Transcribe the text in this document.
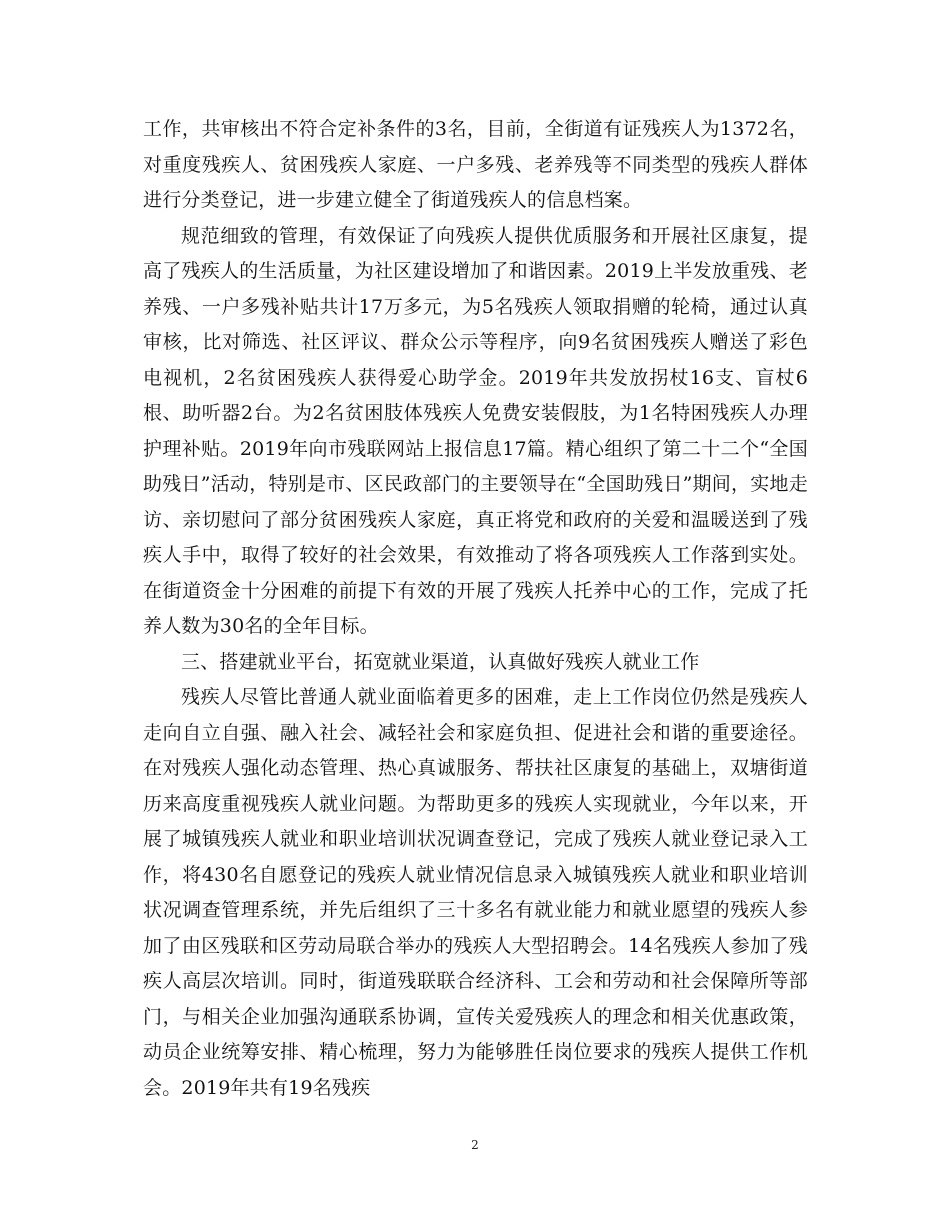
工作，共审核出不符合定补条件的3名，目前，全街道有证残疾人为1372名，对重度残疾人、贫困残疾人家庭、一户多残、老养残等不同类型的残疾人群体进行分类登记，进一步建立健全了街道残疾人的信息档案。

规范细致的管理，有效保证了向残疾人提供优质服务和开展社区康复，提高了残疾人的生活质量，为社区建设增加了和谐因素。2019上半发放重残、老养残、一户多残补贴共计17万多元，为5名残疾人领取捐赠的轮椅，通过认真审核，比对筛选、社区评议、群众公示等程序，向9名贫困残疾人赠送了彩色电视机，2名贫困残疾人获得爱心助学金。2019年共发放拐杖16支、盲杖6根、助听器2台。为2名贫困肢体残疾人免费安装假肢，为1名特困残疾人办理护理补贴。2019年向市残联网站上报信息17篇。精心组织了第二十二个“全国助残日”活动，特别是市、区民政部门的主要领导在“全国助残日”期间，实地走访、亲切慰问了部分贫困残疾人家庭，真正将党和政府的关爱和温暖送到了残疾人手中，取得了较好的社会效果，有效推动了将各项残疾人工作落到实处。在街道资金十分困难的前提下有效的开展了残疾人托养中心的工作，完成了托养人数为30名的全年目标。

三、搭建就业平台，拓宽就业渠道，认真做好残疾人就业工作

残疾人尽管比普通人就业面临着更多的困难，走上工作岗位仍然是残疾人走向自立自强、融入社会、减轻社会和家庭负担、促进社会和谐的重要途径。在对残疾人强化动态管理、热心真诚服务、帮扶社区康复的基础上，双塘街道历来高度重视残疾人就业问题。为帮助更多的残疾人实现就业，今年以来，开展了城镇残疾人就业和职业培训状况调查登记，完成了残疾人就业登记录入工作，将430名自愿登记的残疾人就业情况信息录入城镇残疾人就业和职业培训状况调查管理系统，并先后组织了三十多名有就业能力和就业愿望的残疾人参加了由区残联和区劳动局联合举办的残疾人大型招聘会。14名残疾人参加了残疾人高层次培训。同时，街道残联联合经济科、工会和劳动和社会保障所等部门，与相关企业加强沟通联系协调，宣传关爱残疾人的理念和相关优惠政策，动员企业统筹安排、精心梳理，努力为能够胜任岗位要求的残疾人提供工作机会。2019年共有19名残疾

2
